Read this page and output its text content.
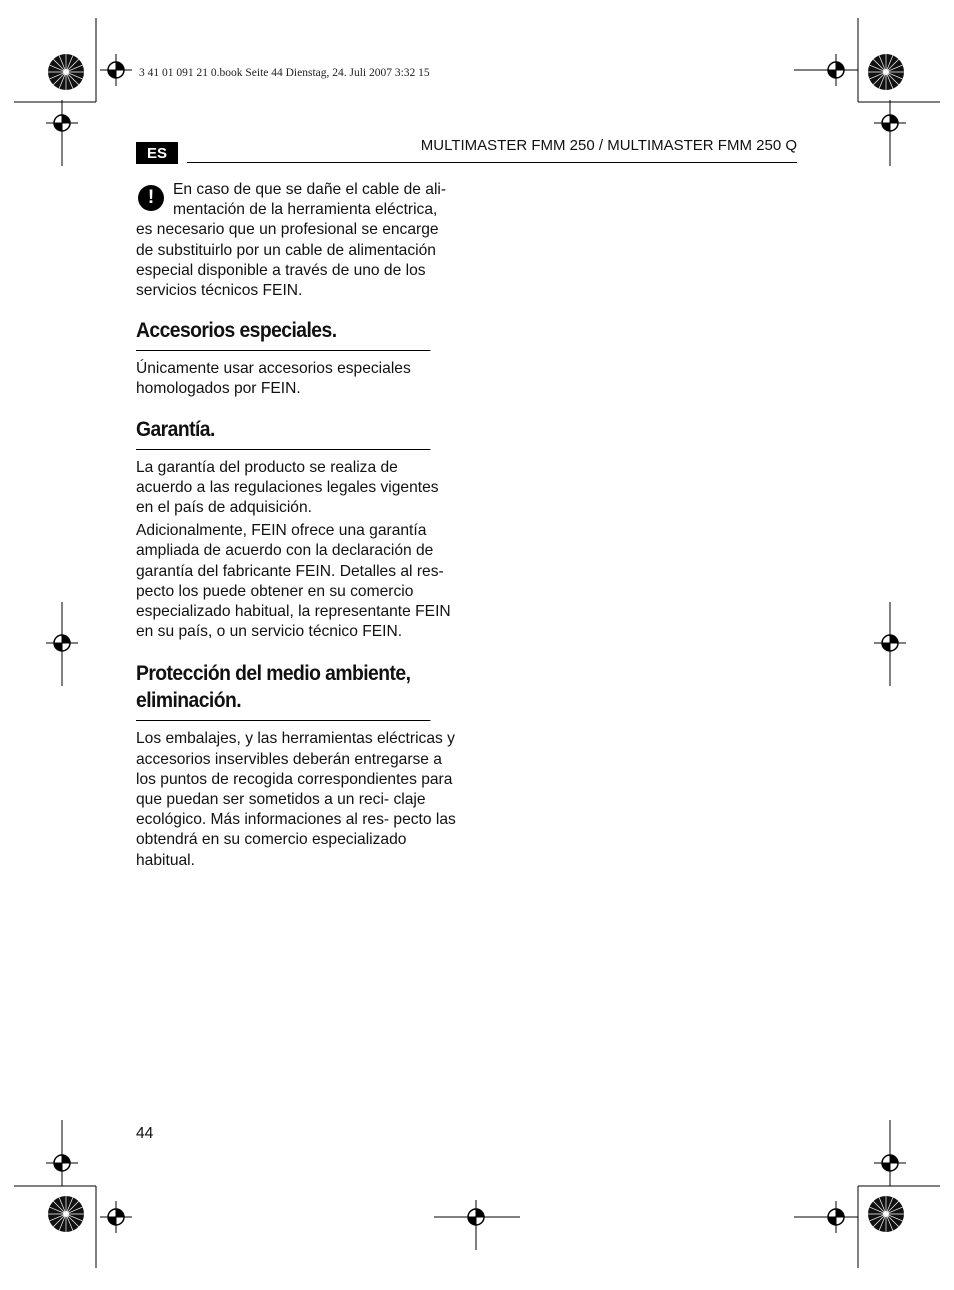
3 41 01 091 21 0.book Seite 44 Dienstag, 24. Juli 2007 3:32 15
ES	MULTIMASTER FMM 250 / MULTIMASTER FMM 250 Q
!	En caso de que se dañe el cable de ali- mentación de la herramienta eléctrica, es necesario que un profesional se encarge de substituirlo por un cable de alimentación especial disponible a través de uno de los servicios técnicos FEIN.

Accesorios especiales.

Únicamente usar accesorios especiales homologados por FEIN.

Garantía.

La garantía del producto se realiza de acuerdo a las regulaciones legales vigentes en el país de adquisición.

Adicionalmente, FEIN ofrece una garantía ampliada de acuerdo con la declaración de garantía del fabricante FEIN. Detalles al res- pecto los puede obtener en su comercio especializado habitual, la representante FEIN en su país, o un servicio técnico FEIN.

Protección del medio ambiente, eliminación.

Los embalajes, y las herramientas eléctricas y accesorios inservibles deberán entregarse a los puntos de recogida correspondientes para que puedan ser sometidos a un reci- claje ecológico. Más informaciones al res- pecto las obtendrá en su comercio especializado habitual.

44
